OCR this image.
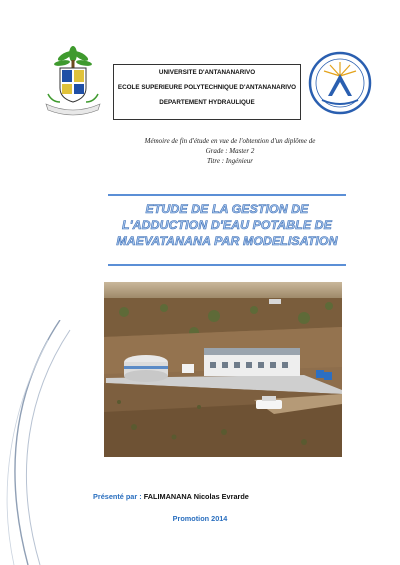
UNIVERSITE D'ANTANANARIVO
ECOLE SUPERIEURE POLYTECHNIQUE D'ANTANANARIVO
DEPARTEMENT HYDRAULIQUE
Mémoire de fin d'étude en vue de l'obtention d'un diplôme de
Grade : Master 2
Titre : Ingénieur
ETUDE DE LA GESTION DE
L'ADDUCTION D'EAU POTABLE DE
MAEVATANANA PAR MODELISATION
Présenté par : FALIMANANA Nicolas Evrarde
Promotion 2014
